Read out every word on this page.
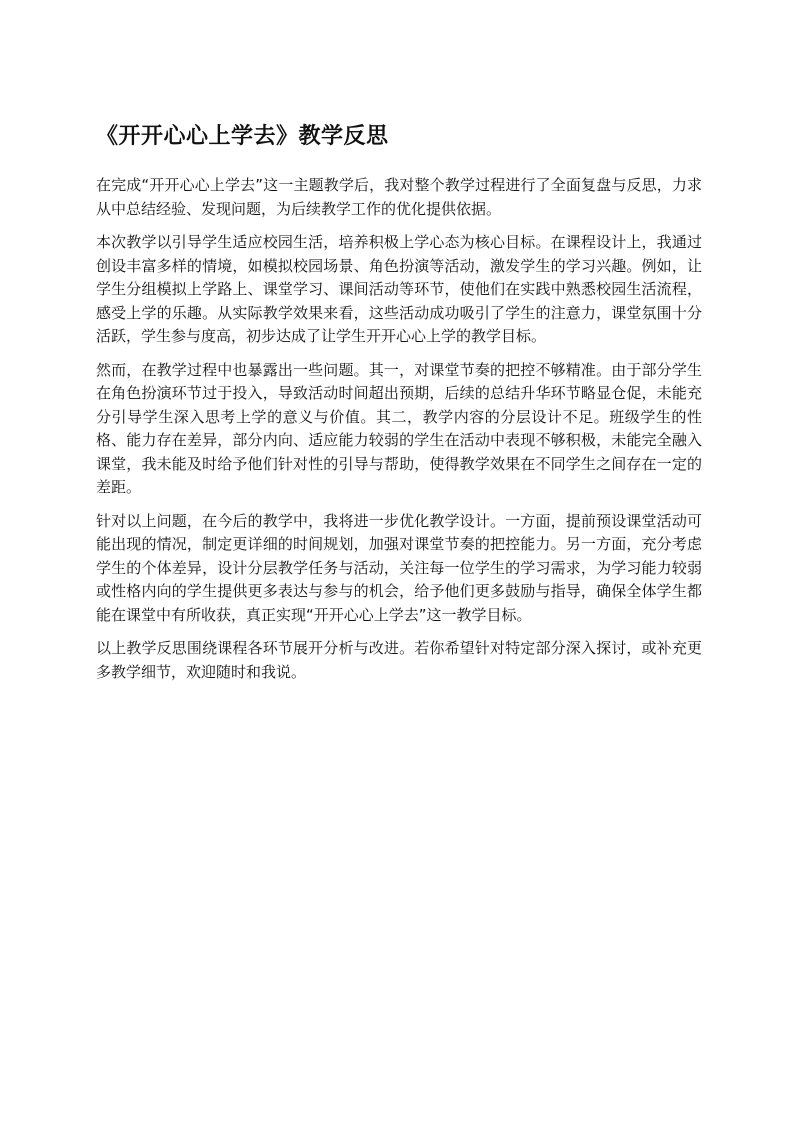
《开开心心上学去》教学反思

在完成“开开心心上学去”这一主题教学后，我对整个教学过程进行了全面复盘与反思，力求从中总结经验、发现问题，为后续教学工作的优化提供依据。

本次教学以引导学生适应校园生活，培养积极上学心态为核心目标。在课程设计上，我通过创设丰富多样的情境，如模拟校园场景、角色扮演等活动，激发学生的学习兴趣。例如，让学生分组模拟上学路上、课堂学习、课间活动等环节，使他们在实践中熟悉校园生活流程，感受上学的乐趣。从实际教学效果来看，这些活动成功吸引了学生的注意力，课堂氛围十分活跃，学生参与度高，初步达成了让学生开开心心上学的教学目标。

然而，在教学过程中也暴露出一些问题。其一，对课堂节奏的把控不够精准。由于部分学生在角色扮演环节过于投入，导致活动时间超出预期，后续的总结升华环节略显仓促，未能充分引导学生深入思考上学的意义与价值。其二，教学内容的分层设计不足。班级学生的性格、能力存在差异，部分内向、适应能力较弱的学生在活动中表现不够积极，未能完全融入课堂，我未能及时给予他们针对性的引导与帮助，使得教学效果在不同学生之间存在一定的差距。

针对以上问题，在今后的教学中，我将进一步优化教学设计。一方面，提前预设课堂活动可能出现的情况，制定更详细的时间规划，加强对课堂节奏的把控能力。另一方面，充分考虑学生的个体差异，设计分层教学任务与活动，关注每一位学生的学习需求，为学习能力较弱或性格内向的学生提供更多表达与参与的机会，给予他们更多鼓励与指导，确保全体学生都能在课堂中有所收获，真正实现“开开心心上学去”这一教学目标。

以上教学反思围绕课程各环节展开分析与改进。若你希望针对特定部分深入探讨，或补充更多教学细节，欢迎随时和我说。
